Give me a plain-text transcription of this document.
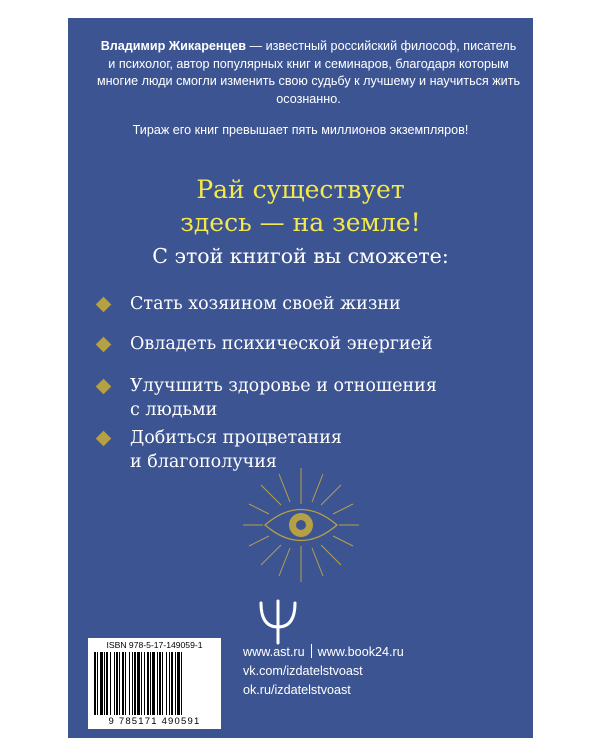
Владимир Жикаренцев — известный российский философ, писатель и психолог, автор популярных книг и семинаров, благодаря которым многие люди смогли изменить свою судьбу к лучшему и научиться жить осознанно.
Тираж его книг превышает пять миллионов экземпляров!
Рай существует
здесь — на земле!
С этой книгой вы сможете:
Стать хозяином своей жизни
Овладеть психической энергией
Улучшить здоровье и отношения
с людьми
Добиться процветания
и благополучия
ISBN 978-5-17-149059-1
9 785171 490591
www.ast.ru www.book24.ru
vk.com/izdatelstvoast
ok.ru/izdatelstvoast
